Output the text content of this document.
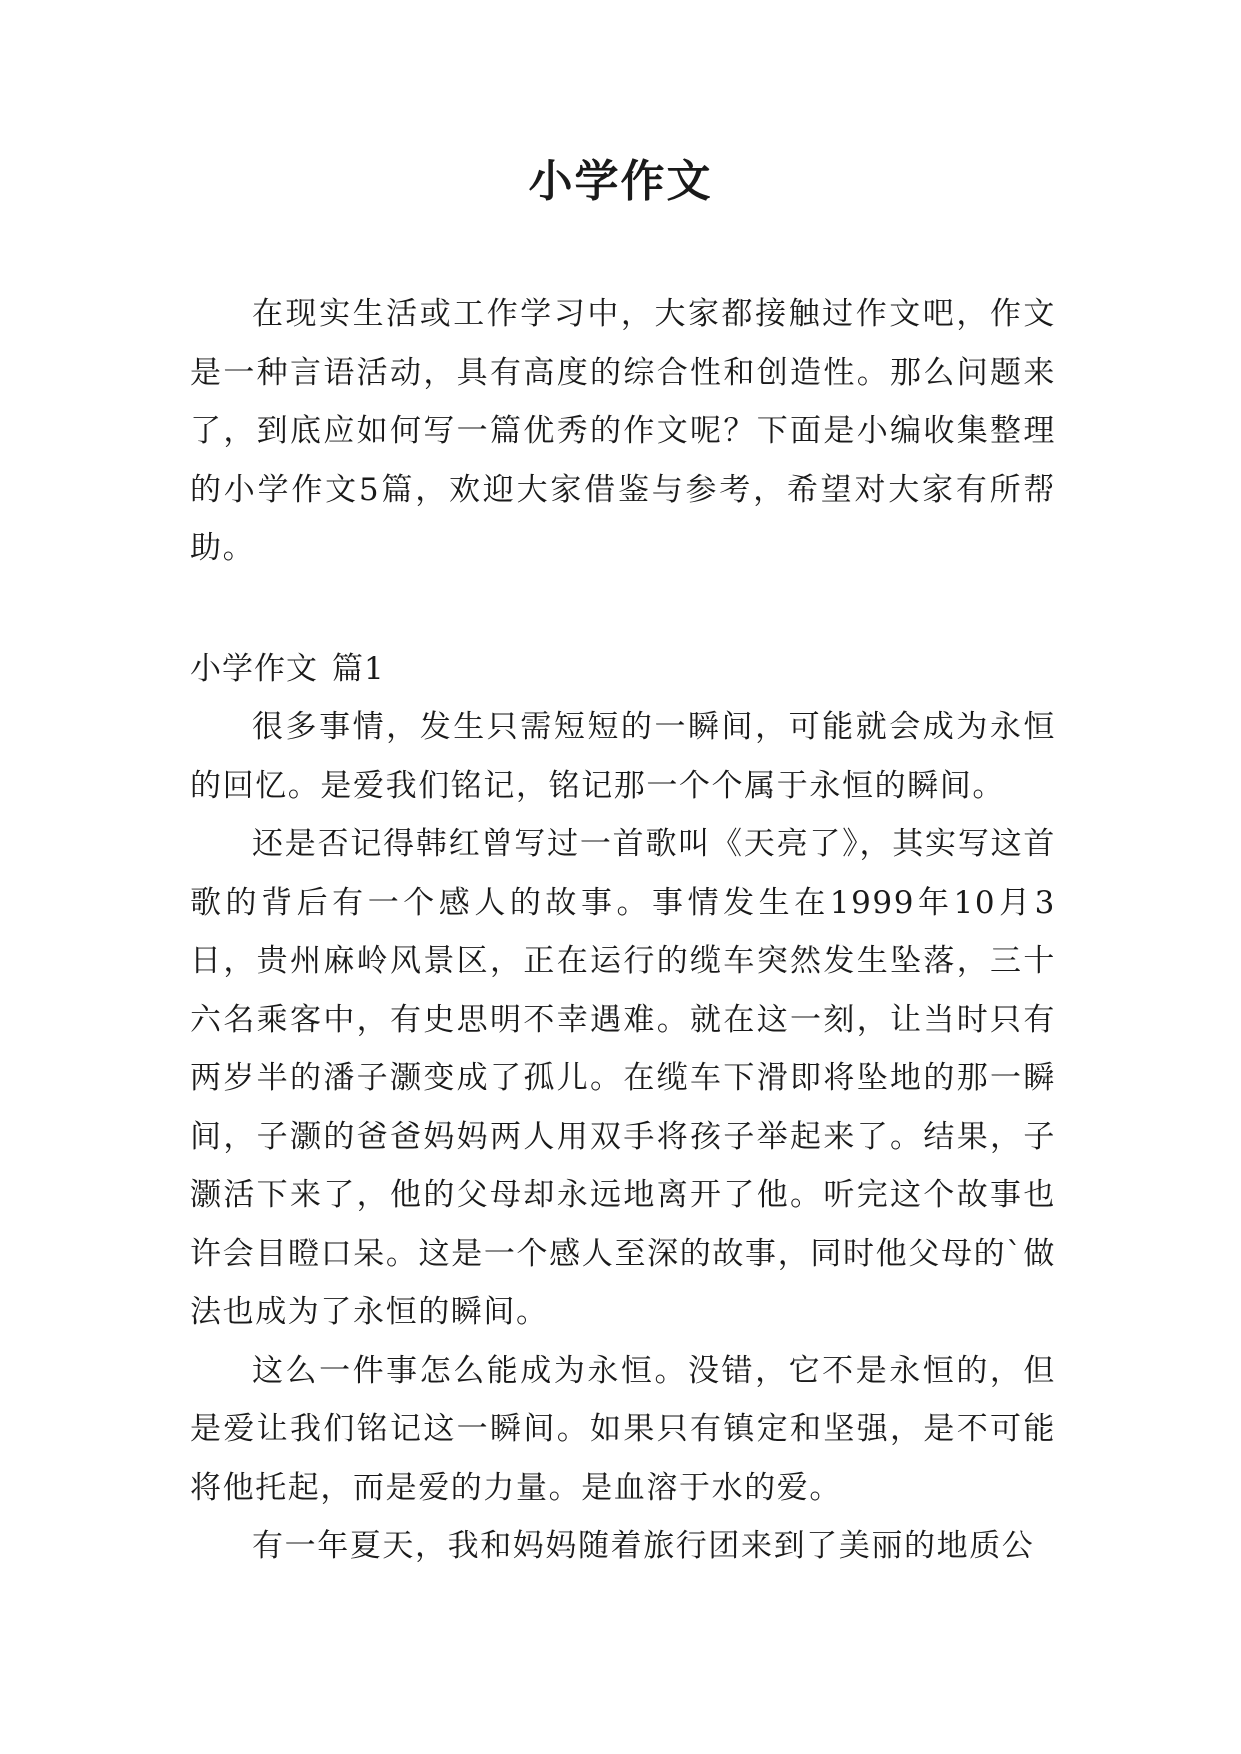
小学作文

在现实生活或工作学习中，大家都接触过作文吧，作文是一种言语活动，具有高度的综合性和创造性。那么问题来了，到底应如何写一篇优秀的作文呢？下面是小编收集整理的小学作文5篇，欢迎大家借鉴与参考，希望对大家有所帮助。

小学作文 篇1

很多事情，发生只需短短的一瞬间，可能就会成为永恒的回忆。是爱我们铭记，铭记那一个个属于永恒的瞬间。

还是否记得韩红曾写过一首歌叫《天亮了》，其实写这首歌的背后有一个感人的故事。事情发生在1999年10月3日，贵州麻岭风景区，正在运行的缆车突然发生坠落，三十六名乘客中，有史思明不幸遇难。就在这一刻，让当时只有两岁半的潘子灏变成了孤儿。在缆车下滑即将坠地的那一瞬间，子灏的爸爸妈妈两人用双手将孩子举起来了。结果，子灏活下来了，他的父母却永远地离开了他。听完这个故事也许会目瞪口呆。这是一个感人至深的故事，同时他父母的`做法也成为了永恒的瞬间。

这么一件事怎么能成为永恒。没错，它不是永恒的，但是爱让我们铭记这一瞬间。如果只有镇定和坚强，是不可能将他托起，而是爱的力量。是血溶于水的爱。

有一年夏天，我和妈妈随着旅行团来到了美丽的地质公
